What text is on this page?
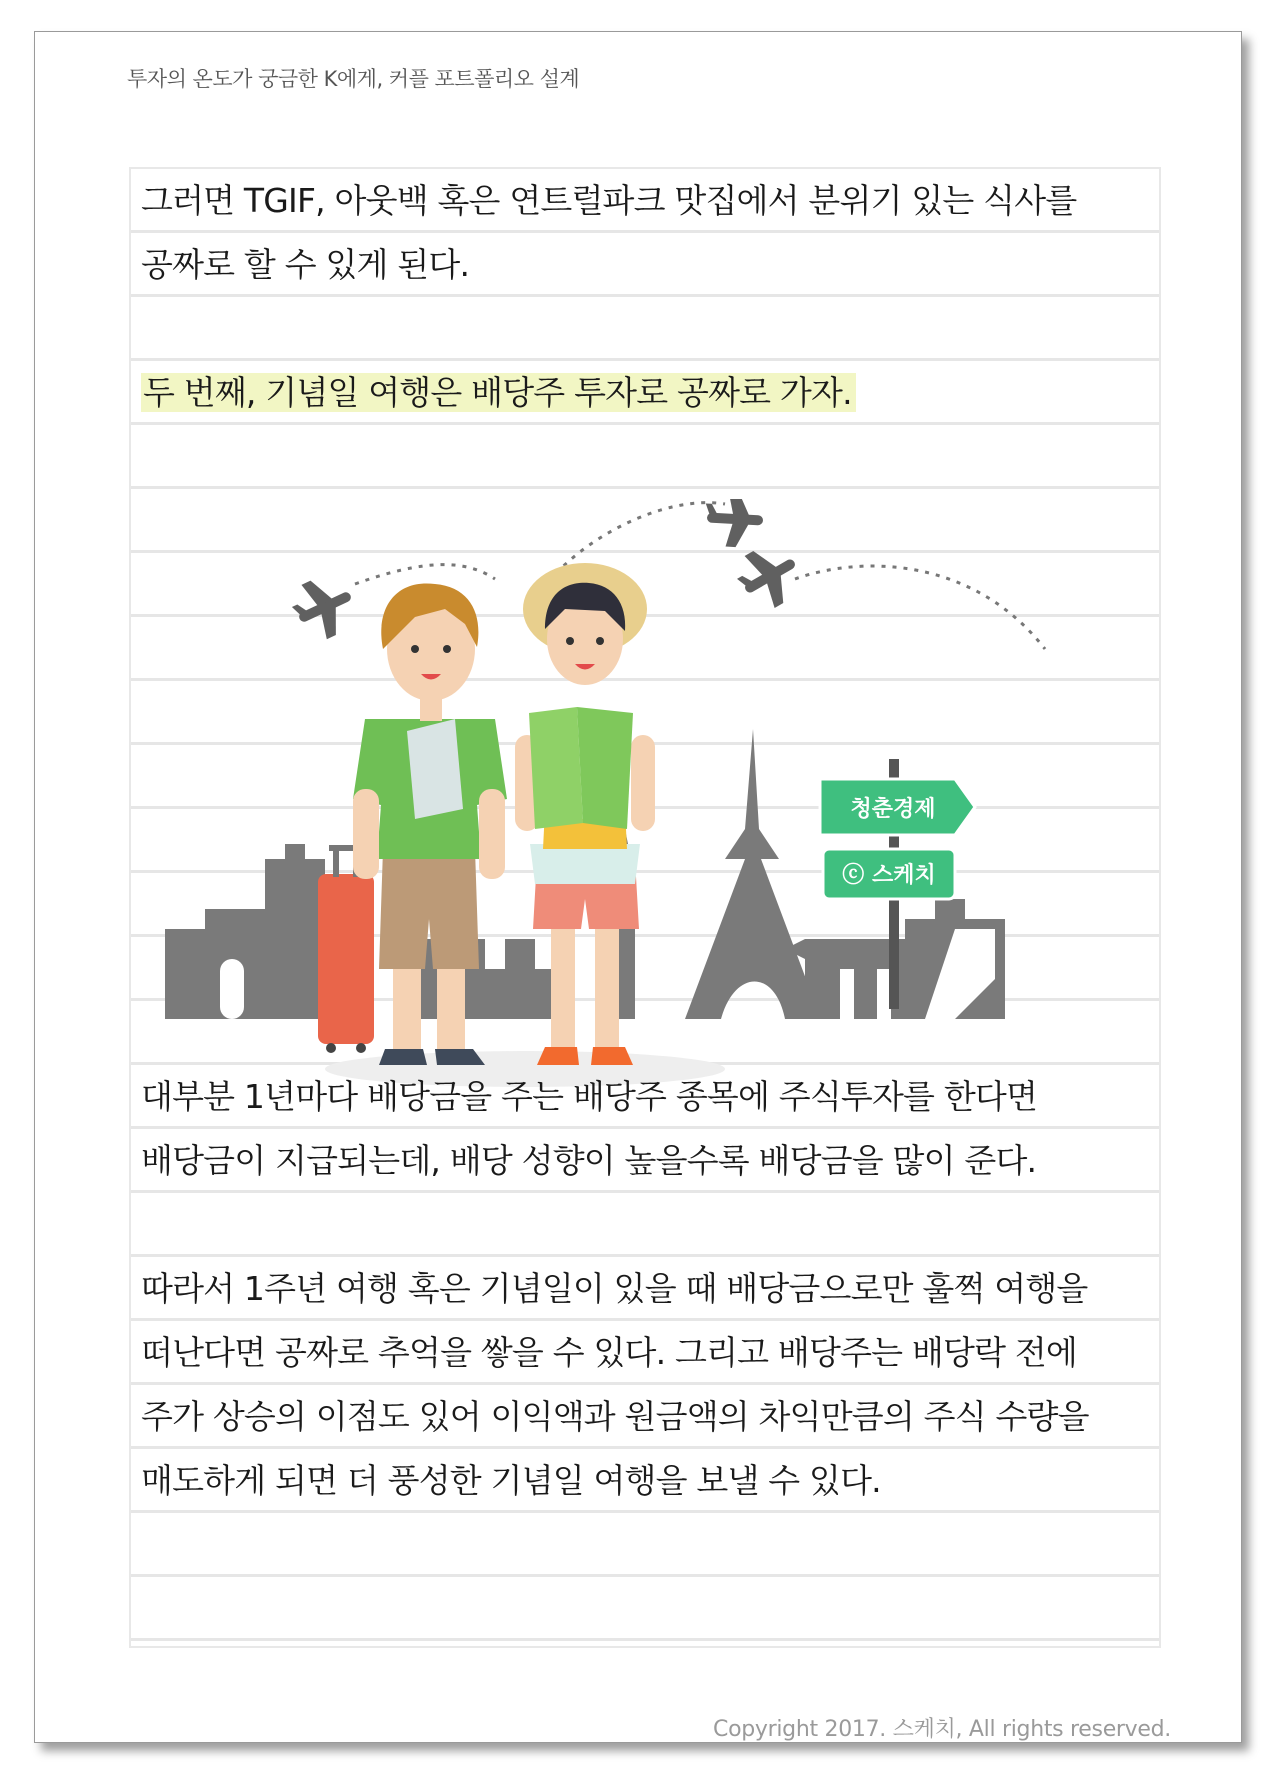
투자의 온도가 궁금한 K에게, 커플 포트폴리오 설계
그러면 TGIF, 아웃백 혹은 연트럴파크 맛집에서 분위기 있는 식사를
공짜로 할 수 있게 된다.
두 번째, 기념일 여행은 배당주 투자로 공짜로 가자.
청춘경제
ⓒ 스케치
대부분 1년마다 배당금을 주는 배당주 종목에 주식투자를 한다면
배당금이 지급되는데, 배당 성향이 높을수록 배당금을 많이 준다.
따라서 1주년 여행 혹은 기념일이 있을 때 배당금으로만 훌쩍 여행을
떠난다면 공짜로 추억을 쌓을 수 있다. 그리고 배당주는 배당락 전에
주가 상승의 이점도 있어 이익액과 원금액의 차익만큼의 주식 수량을
매도하게 되면 더 풍성한 기념일 여행을 보낼 수 있다.
Copyright 2017. 스케치, All rights reserved.
